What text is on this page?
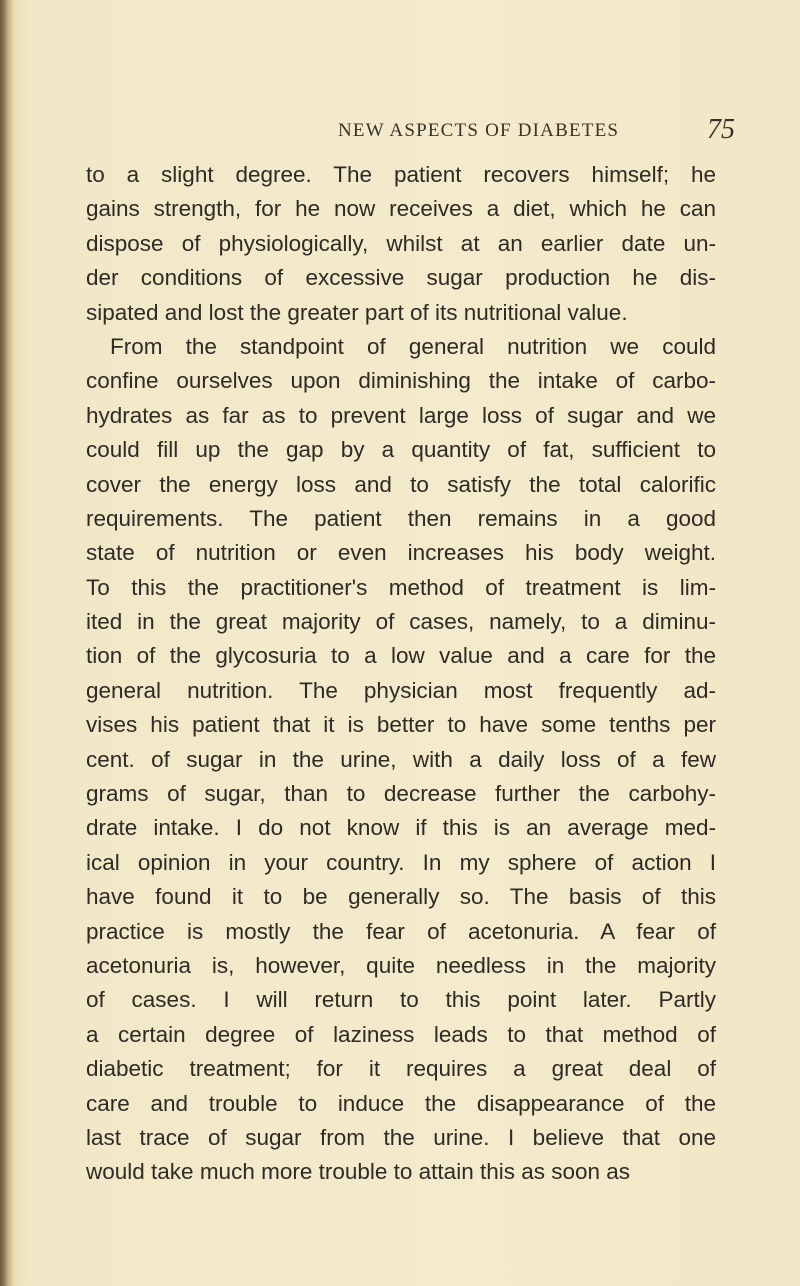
NEW ASPECTS OF DIABETES	75
to a slight degree. The patient recovers himself; he
gains strength, for he now receives a diet, which he can
dispose of physiologically, whilst at an earlier date un-
der conditions of excessive sugar production he dis-
sipated and lost the greater part of its nutritional value.
From the standpoint of general nutrition we could
confine ourselves upon diminishing the intake of carbo-
hydrates as far as to prevent large loss of sugar and we
could fill up the gap by a quantity of fat, sufficient to
cover the energy loss and to satisfy the total calorific
requirements. The patient then remains in a good
state of nutrition or even increases his body weight.
To this the practitioner's method of treatment is lim-
ited in the great majority of cases, namely, to a diminu-
tion of the glycosuria to a low value and a care for the
general nutrition. The physician most frequently ad-
vises his patient that it is better to have some tenths per
cent. of sugar in the urine, with a daily loss of a few
grams of sugar, than to decrease further the carbohy-
drate intake. I do not know if this is an average med-
ical opinion in your country. In my sphere of action I
have found it to be generally so. The basis of this
practice is mostly the fear of acetonuria. A fear of
acetonuria is, however, quite needless in the majority
of cases. I will return to this point later. Partly
a certain degree of laziness leads to that method of
diabetic treatment; for it requires a great deal of
care and trouble to induce the disappearance of the
last trace of sugar from the urine. I believe that one
would take much more trouble to attain this as soon as
